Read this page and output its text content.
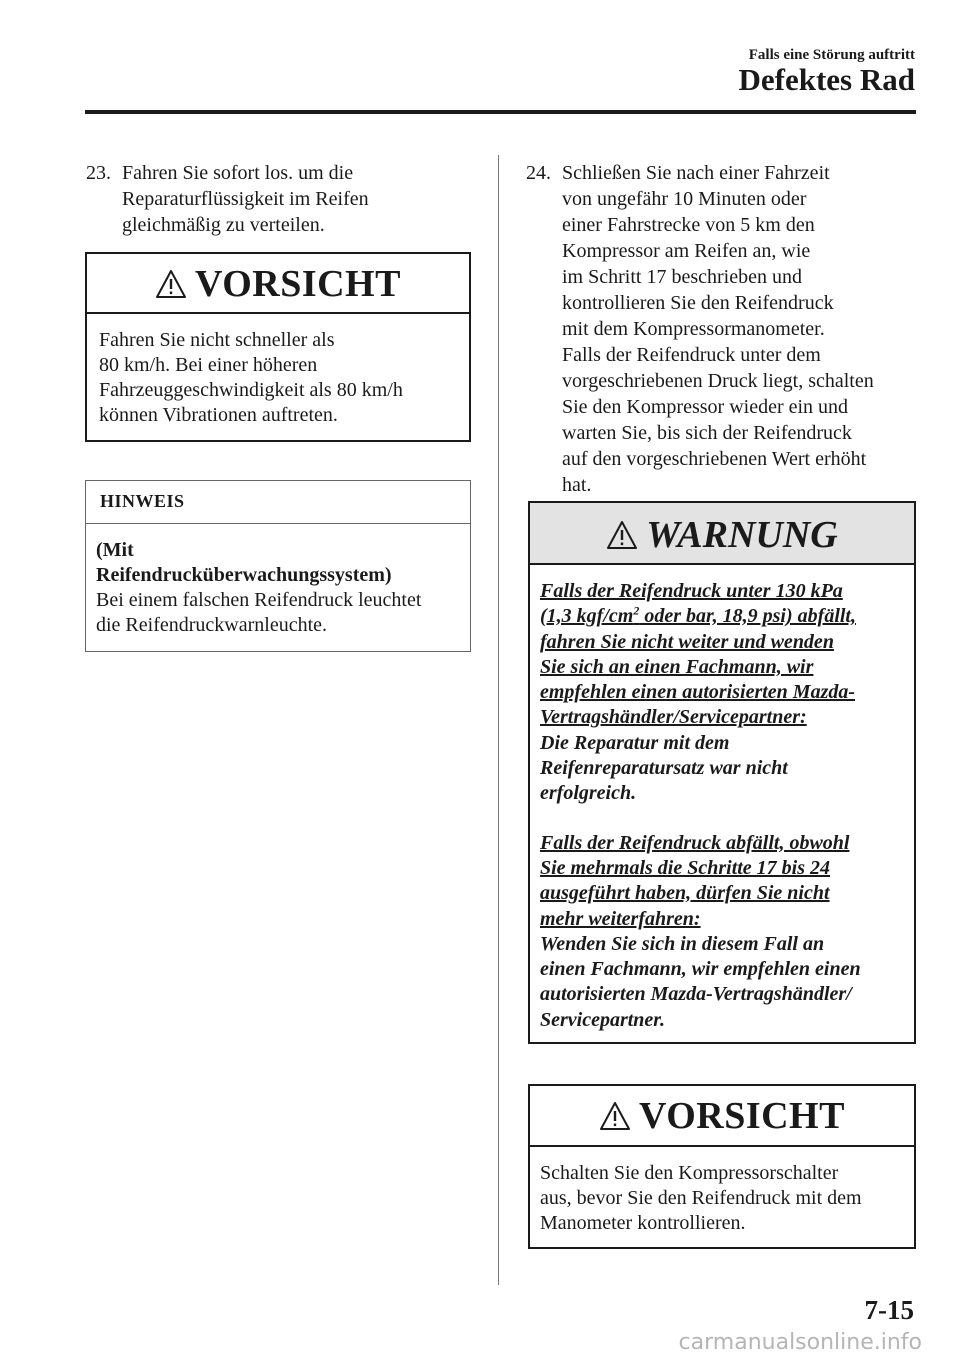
Falls eine Störung auftritt
Defektes Rad
23. Fahren Sie sofort los. um die
Reparaturflüssigkeit im Reifen
gleichmäßig zu verteilen.
VORSICHT
Fahren Sie nicht schneller als
80 km/h. Bei einer höheren
Fahrzeuggeschwindigkeit als 80 km/h
können Vibrationen auftreten.
HINWEIS
(Mit
Reifendrucküberwachungssystem)
Bei einem falschen Reifendruck leuchtet
die Reifendruckwarnleuchte.
24. Schließen Sie nach einer Fahrzeit
von ungefähr 10 Minuten oder
einer Fahrstrecke von 5 km den
Kompressor am Reifen an, wie
im Schritt 17 beschrieben und
kontrollieren Sie den Reifendruck
mit dem Kompressormanometer.
Falls der Reifendruck unter dem
vorgeschriebenen Druck liegt, schalten
Sie den Kompressor wieder ein und
warten Sie, bis sich der Reifendruck
auf den vorgeschriebenen Wert erhöht
hat.
WARNUNG
Falls der Reifendruck unter 130 kPa
(1,3 kgf/$cm^2$ oder bar, 18,9 psi) abfällt,
fahren Sie nicht weiter und wenden
Sie sich an einen Fachmann, wir
empfehlen einen autorisierten Mazda-
Vertragshändler/Servicepartner:
Die Reparatur mit dem
Reifenreparatursatz war nicht
erfolgreich.
Falls der Reifendruck abfällt, obwohl
Sie mehrmals die Schritte 17 bis 24
ausgeführt haben, dürfen Sie nicht
mehr weiterfahren:
Wenden Sie sich in diesem Fall an
einen Fachmann, wir empfehlen einen
autorisierten Mazda-Vertragshändler/
Servicepartner.
VORSICHT
Schalten Sie den Kompressorschalter
aus, bevor Sie den Reifendruck mit dem
Manometer kontrollieren.
7-15
carmanualsonline.info
